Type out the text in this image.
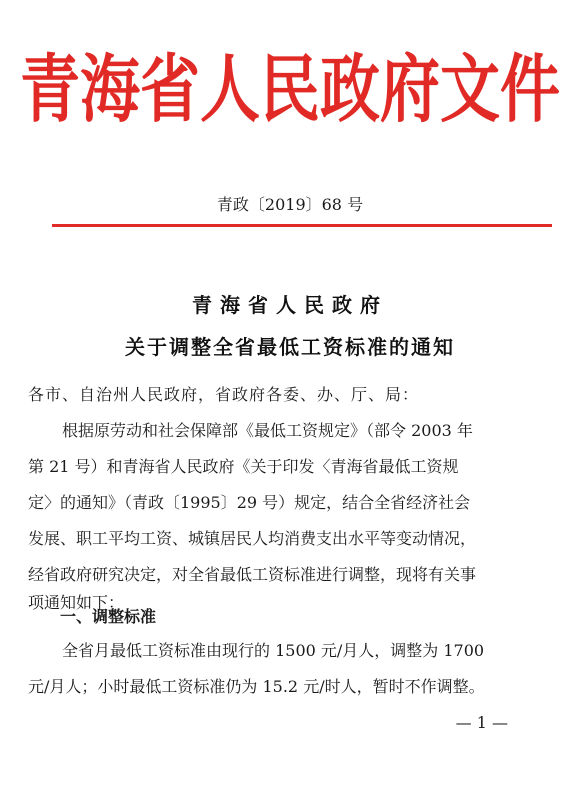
青海省人民政府文件
青政〔2019〕68 号
青海省人民政府
关于调整全省最低工资标准的通知
各市、自治州人民政府，省政府各委、办、厅、局：
根据原劳动和社会保障部《最低工资规定》（部令 2003 年
第 21 号）和青海省人民政府《关于印发〈青海省最低工资规
定〉的通知》（青政〔1995〕29 号）规定，结合全省经济社会
发展、职工平均工资、城镇居民人均消费支出水平等变动情况，
经省政府研究决定，对全省最低工资标准进行调整，现将有关事
项通知如下：
一、调整标准
全省月最低工资标准由现行的 1500 元/月人，调整为 1700
元/月人；小时最低工资标准仍为 15.2 元/时人，暂时不作调整。
— 1 —
